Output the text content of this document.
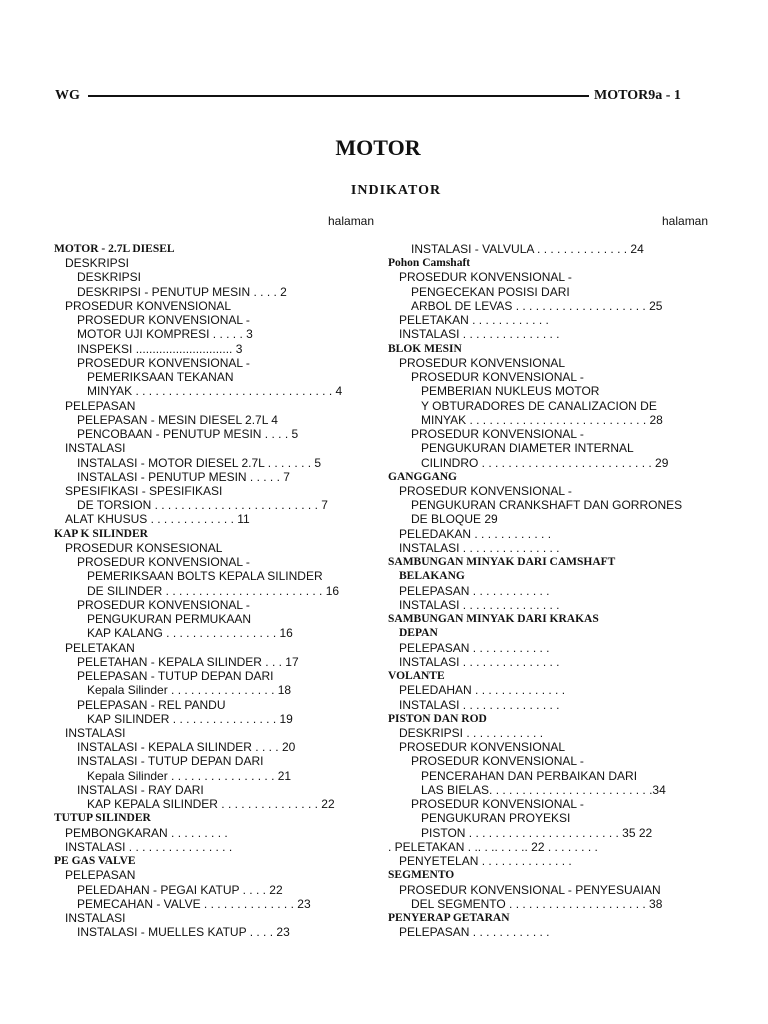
WG	MOTOR9a - 1
MOTOR
INDIKATOR
halaman	halaman
MOTOR - 2.7L DIESEL
DESKRIPSI
DESKRIPSI
DESKRIPSI - PENUTUP MESIN . . . . 2
PROSEDUR KONVENSIONAL
PROSEDUR KONVENSIONAL -
MOTOR UJI KOMPRESI . . . . . 3
INSPEKSI ............................. 3
PROSEDUR KONVENSIONAL -
PEMERIKSAAN TEKANAN
MINYAK . . . . . . . . . . . . . . . . . . . . . . . . . . . . . . 4
PELEPASAN
PELEPASAN - MESIN DIESEL 2.7L 4
PENCOBAAN - PENUTUP MESIN . . . . 5
INSTALASI
INSTALASI - MOTOR DIESEL 2.7L . . . . . . . 5
INSTALASI - PENUTUP MESIN . . . . . 7
SPESIFIKASI - SPESIFIKASI
DE TORSION . . . . . . . . . . . . . . . . . . . . . . . . . 7
ALAT KHUSUS . . . . . . . . . . . . . 11
KAP K SILINDER
PROSEDUR KONSESIONAL
PROSEDUR KONVENSIONAL -
PEMERIKSAAN BOLTS KEPALA SILINDER
DE SILINDER . . . . . . . . . . . . . . . . . . . . . . . . 16
PROSEDUR KONVENSIONAL -
PENGUKURAN PERMUKAAN
KAP KALANG . . . . . . . . . . . . . . . . . 16
PELETAKAN
PELETAHAN - KEPALA SILINDER . . . 17
PELEPASAN - TUTUP DEPAN DARI
Kepala Silinder . . . . . . . . . . . . . . . . 18
PELEPASAN - REL PANDU
KAP SILINDER . . . . . . . . . . . . . . . . 19
INSTALASI
INSTALASI - KEPALA SILINDER . . . . 20
INSTALASI - TUTUP DEPAN DARI
Kepala Silinder . . . . . . . . . . . . . . . . 21
INSTALASI - RAY DARI
KAP KEPALA SILINDER . . . . . . . . . . . . . . . 22
TUTUP SILINDER
PEMBONGKARAN . . . . . . . . .
INSTALASI . . . . . . . . . . . . . . . .
PE GAS VALVE
PELEPASAN
PELEDAHAN - PEGAI KATUP . . . . 22
PEMECAHAN - VALVE . . . . . . . . . . . . . . 23
INSTALASI
INSTALASI - MUELLES KATUP . . . . 23
INSTALASI - VALVULA . . . . . . . . . . . . . . 24
Pohon Camshaft
PROSEDUR KONVENSIONAL -
PENGECEKAN POSISI DARI
ARBOL DE LEVAS . . . . . . . . . . . . . . . . . . . . 25
PELETAKAN . . . . . . . . . . . .
INSTALASI . . . . . . . . . . . . . . .
BLOK MESIN
PROSEDUR KONVENSIONAL
PROSEDUR KONVENSIONAL -
PEMBERIAN NUKLEUS MOTOR
Y OBTURADORES DE CANALIZACION DE
MINYAK . . . . . . . . . . . . . . . . . . . . . . . . . . . 28
PROSEDUR KONVENSIONAL -
PENGUKURAN DIAMETER INTERNAL
CILINDRO . . . . . . . . . . . . . . . . . . . . . . . . . . 29
GANGGANG
PROSEDUR KONVENSIONAL -
PENGUKURAN CRANKSHAFT DAN GORRONES
DE BLOQUE 29
PELEDAKAN . . . . . . . . . . . .
INSTALASI . . . . . . . . . . . . . . .
SAMBUNGAN MINYAK DARI CAMSHAFT
BELAKANG
PELEPASAN . . . . . . . . . . . .
INSTALASI . . . . . . . . . . . . . . .
SAMBUNGAN MINYAK DARI KRAKAS
DEPAN
PELEPASAN . . . . . . . . . . . .
INSTALASI . . . . . . . . . . . . . . .
VOLANTE
PELEDAHAN . . . . . . . . . . . . . .
INSTALASI . . . . . . . . . . . . . . .
PISTON DAN ROD
DESKRIPSI . . . . . . . . . . . .
PROSEDUR KONVENSIONAL
PROSEDUR KONVENSIONAL -
PENCERAHAN DAN PERBAIKAN DARI
LAS BIELAS. . . . . . . . . . . . . . . . . . . . . . . . .34
PROSEDUR KONVENSIONAL -
PENGUKURAN PROYEKSI
PISTON . . . . . . . . . . . . . . . . . . . . . . . 35 22
. PELETAKAN . .. . .. . . . .. 22 . . . . . . . .
PENYETELAN . . . . . . . . . . . . . .
SEGMENTO
PROSEDUR KONVENSIONAL - PENYESUAIAN
DEL SEGMENTO . . . . . . . . . . . . . . . . . . . . . 38
PENYERAP GETARAN
PELEPASAN . . . . . . . . . . . .
